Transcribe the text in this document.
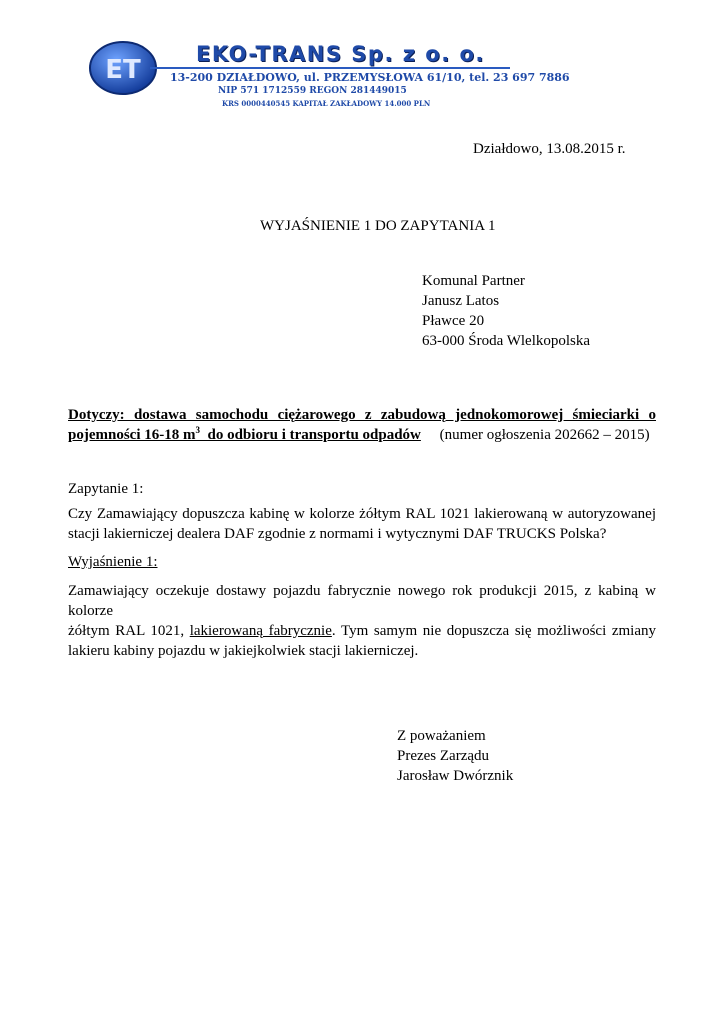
ET
EKO-TRANS Sp. z o. o.
13-200 DZIAŁDOWO, ul. PRZEMYSŁOWA 61/10, tel. 23 697 7886
NIP 571 1712559 REGON 281449015
KRS 0000440545 KAPITAŁ ZAKŁADOWY 14.000 PLN
Działdowo, 13.08.2015 r.
WYJAŚNIENIE 1 DO ZAPYTANIA 1
Komunal Partner
Janusz Latos
Pławce 20
63-000 Środa Wlelkopolska
Dotyczy: dostawa samochodu ciężarowego z zabudową jednokomorowej śmieciarki o
pojemności 16-18 $m^3$  do odbioru i transportu odpadów     (numer ogłoszenia 202662 – 2015)
Zapytanie 1:
Czy Zamawiający dopuszcza kabinę w kolorze żółtym RAL 1021 lakierowaną w autoryzowanej
stacji lakierniczej dealera DAF zgodnie z normami i wytycznymi DAF TRUCKS Polska?
Wyjaśnienie 1:
Zamawiający oczekuje dostawy pojazdu fabrycznie nowego rok produkcji 2015, z kabiną w kolorze
żółtym RAL 1021, lakierowaną fabrycznie. Tym samym nie dopuszcza się możliwości zmiany
lakieru kabiny pojazdu w jakiejkolwiek stacji lakierniczej.
Z poważaniem
Prezes Zarządu
Jarosław Dwórznik
